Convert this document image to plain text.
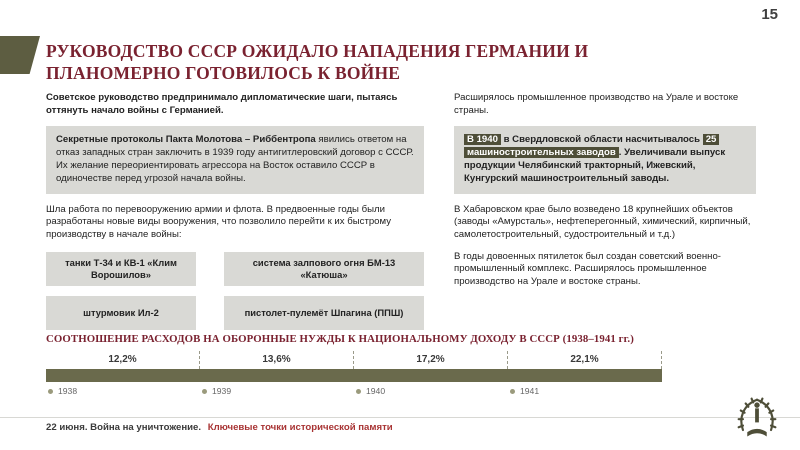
15
РУКОВОДСТВО СССР ОЖИДАЛО НАПАДЕНИЯ ГЕРМАНИИ И ПЛАНОМЕРНО ГОТОВИЛОСЬ К ВОЙНЕ

Советское руководство предпринимало дипломатические шаги, пытаясь оттянуть начало войны с Германией.

Секретные протоколы Пакта Молотова – Риббентропа явились ответом на отказ западных стран заключить в 1939 году антигитлеровский договор с СССР. Их желание переориентировать агрессора на Восток оставило СССР в одиночестве перед угрозой начала войны.

Шла работа по перевооружению армии и флота. В предвоенные годы были разработаны новые виды вооружения, что позволило перейти к их быстрому производству в начале войны:

танки Т-34 и КВ-1 «Клим Ворошилов»
система залпового огня БМ-13 «Катюша»
штурмовик Ил-2	пистолет-пулемёт Шпагина (ППШ)

Расширялось промышленное производство на Урале и востоке страны.

В 1940 в Свердловской области насчитывалось 25 машиностроительных заводов . Увеличивали выпуск продукции Челябинский тракторный, Ижевский, Кунгурский машиностроительный заводы.

В Хабаровском крае было возведено 18 крупнейших объектов (заводы «Амурсталь», нефтеперегонный, химический, кирпичный, самолетостроительный, судостроительный и т.д.)

В годы довоенных пятилеток был создан советский военно-промышленный комплекс. Расширялось промышленное производство на Урале и востоке страны.

СООТНОШЕНИЕ РАСХОДОВ НА ОБОРОННЫЕ НУЖДЫ К НАЦИОНАЛЬНОМУ ДОХОДУ В СССР (1938–1941 гг.)
12,2%	13,6%	17,2%	22,1%
1938	1939	1940	1941
22 июня. Война на уничтожение. Ключевые точки исторической памяти
